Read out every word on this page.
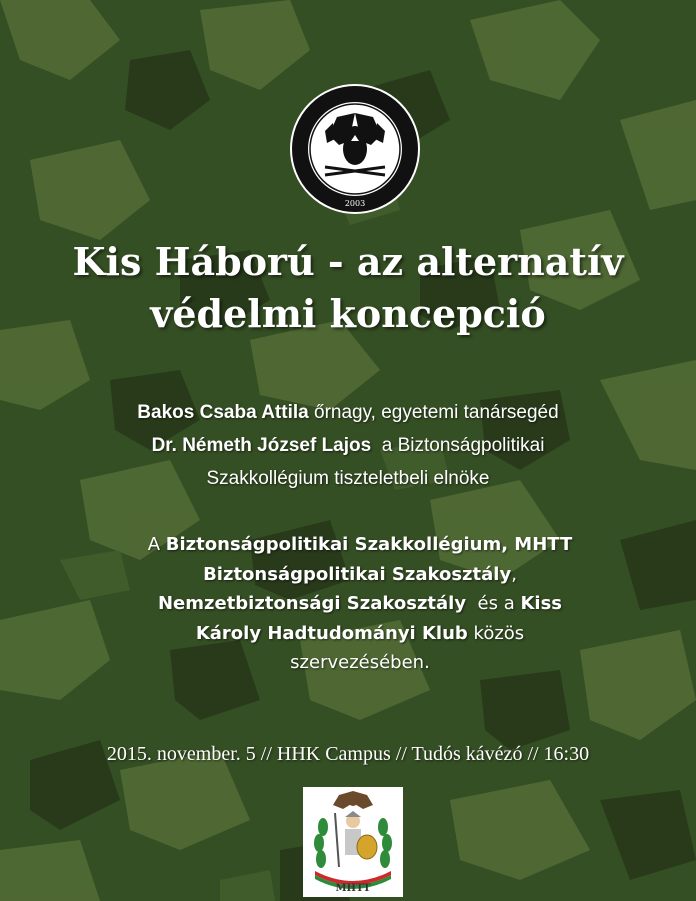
2003
Kis Háború - az alternatív
védelmi koncepció
Bakos Csaba Attila őrnagy, egyetemi tanársegéd
Dr. Németh József Lajos  a Biztonságpolitikai
Szakkollégium tiszteletbeli elnöke
A Biztonságpolitikai Szakkollégium, MHTT
Biztonságpolitikai Szakosztály,
Nemzetbiztonsági Szakosztály  és a Kiss
Károly Hadtudományi Klub közös
szervezésében.
2015. november. 5 // HHK Campus // Tudós kávézó // 16:30
MHTT
